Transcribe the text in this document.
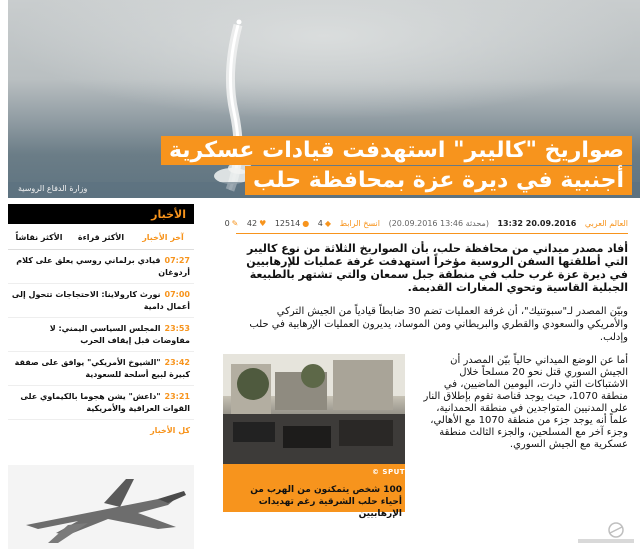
وزارة الدفاع الروسية
صواريخ "كاليبر" استهدفت قيادات عسكرية
أجنبية في ديرة عزة بمحافظة حلب
الأخبار
آخر الأخبار
الأكثر قراءة
الأكثر نقاشاً
07:27قيادي برلماني روسي يعلق على كلام أردوغان
07:00نورث كارولاينا: الاحتجاجات تتحول إلى أعمال دامية
23:53المجلس السياسي اليمني: لا مفاوضات قبل إيقاف الحرب
23:42"الشيوخ الأمريكي" يوافق على صفقة كبيرة لبيع أسلحة للسعودية
23:21"داعش" يشن هجوما بالكيماوي على القوات العراقية والأمريكية
كل الأخبار
العالم العربي 20.09.2016 13:32 (محدثة 13:46 20.09.2016) انسخ الرابط ◆4 ●12514 ♥42 ✎0
أفاد مصدر ميداني من محافظة حلب، بأن الصواريخ الثلاثة من نوع كاليبر التي أطلقتها السفن الروسية مؤخراً استهدفت غرفة عمليات للإرهابيين في ديرة عزة غرب حلب في منطقة جبل سمعان والتي تشتهر بالطبيعة الجبلية القاسية وتحوي المغارات القديمة.
وبيّن المصدر لـ"سبوتنيك"، أن غرفة العمليات تضم 30 ضابطاً قيادياً من الجيش التركي والأمريكي والسعودي والقطري والبريطاني ومن الموساد، يديرون العمليات الإرهابية في حلب وإدلب.
أما عن الوضع الميداني حالياً بيّن المصدر أن الجيش السوري قتل نحو 20 مسلحاً خلال الاشتباكات التي دارت، اليومين الماضيين، في منطقة 1070، حيث يوجد قناصة تقوم بإطلاق النار على المدنيين المتواجدين في منطقة الحمدانية، علماً أنه يوجد جزء من منطقة 1070 مع الأهالي، وجزء آخر مع المسلحين، والجزء الثالث منطقة عسكرية مع الجيش السوري.
© SPUTNIK
100 شخص يتمكنون من الهرب من أحياء حلب الشرقية رغم تهديدات الإرهابيين
